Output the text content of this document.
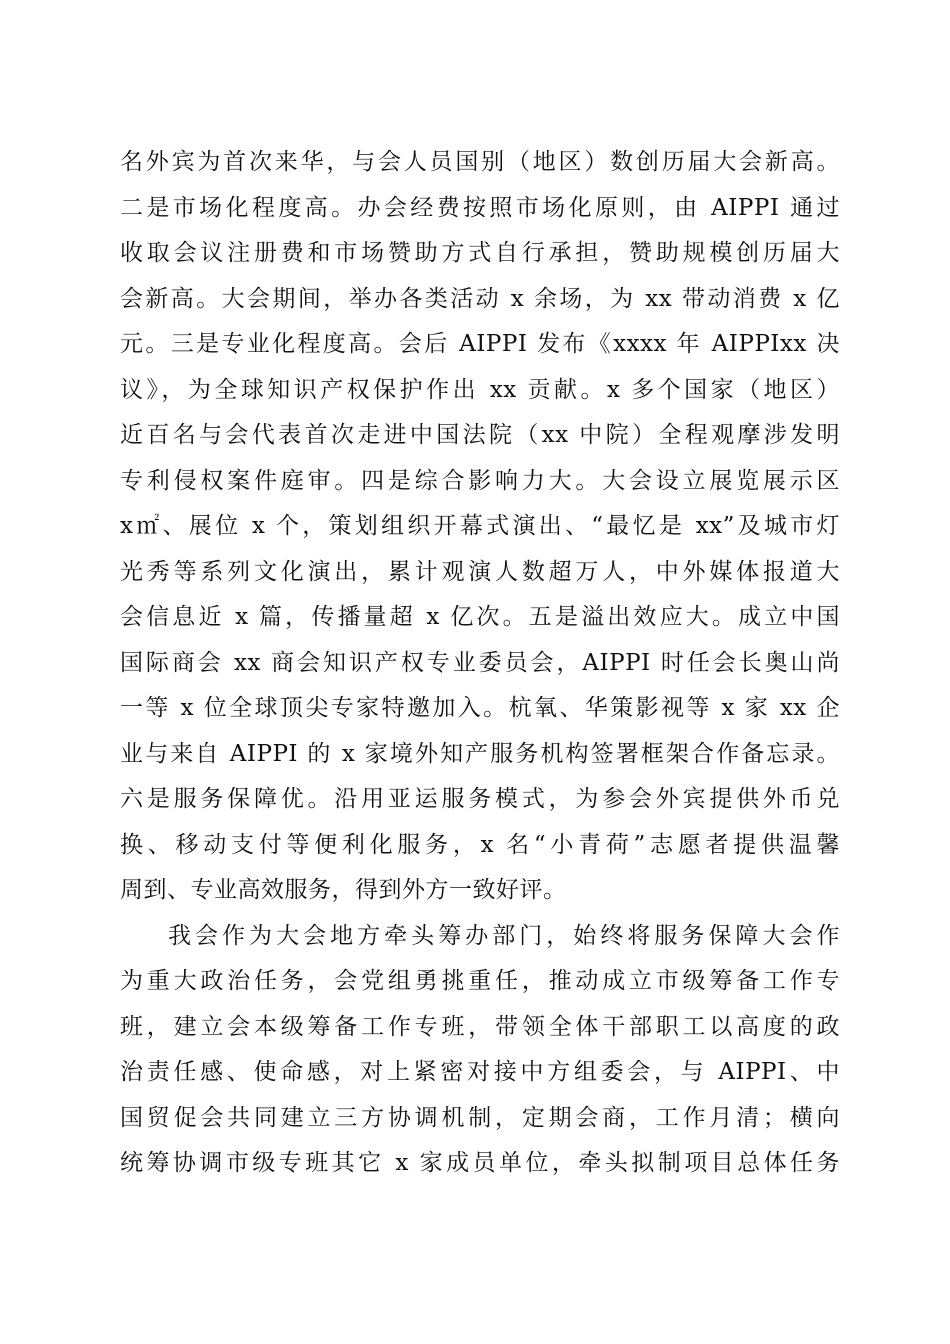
名外宾为首次来华，与会人员国别（地区）数创历届大会新高。
二是市场化程度高。办会经费按照市场化原则，由 AIPPI 通过
收取会议注册费和市场赞助方式自行承担，赞助规模创历届大
会新高。大会期间，举办各类活动 x 余场，为 xx 带动消费 x 亿
元。三是专业化程度高。会后 AIPPI 发布《xxxx 年 AIPPIxx 决
议》，为全球知识产权保护作出 xx 贡献。x 多个国家（地区）
近百名与会代表首次走进中国法院（xx 中院）全程观摩涉发明
专利侵权案件庭审。四是综合影响力大。大会设立展览展示区
x㎡、展位 x 个，策划组织开幕式演出、“最忆是 xx”及城市灯
光秀等系列文化演出，累计观演人数超万人，中外媒体报道大
会信息近 x 篇，传播量超 x 亿次。五是溢出效应大。成立中国
国际商会 xx 商会知识产权专业委员会，AIPPI 时任会长奥山尚
一等 x 位全球顶尖专家特邀加入。杭氧、华策影视等 x 家 xx 企
业与来自 AIPPI 的 x 家境外知产服务机构签署框架合作备忘录。
六是服务保障优。沿用亚运服务模式，为参会外宾提供外币兑
换、移动支付等便利化服务，x 名“小青荷”志愿者提供温馨
周到、专业高效服务，得到外方一致好评。
我会作为大会地方牵头筹办部门，始终将服务保障大会作
为重大政治任务，会党组勇挑重任，推动成立市级筹备工作专
班，建立会本级筹备工作专班，带领全体干部职工以高度的政
治责任感、使命感，对上紧密对接中方组委会，与 AIPPI、中
国贸促会共同建立三方协调机制，定期会商，工作月清；横向
统筹协调市级专班其它 x 家成员单位，牵头拟制项目总体任务
